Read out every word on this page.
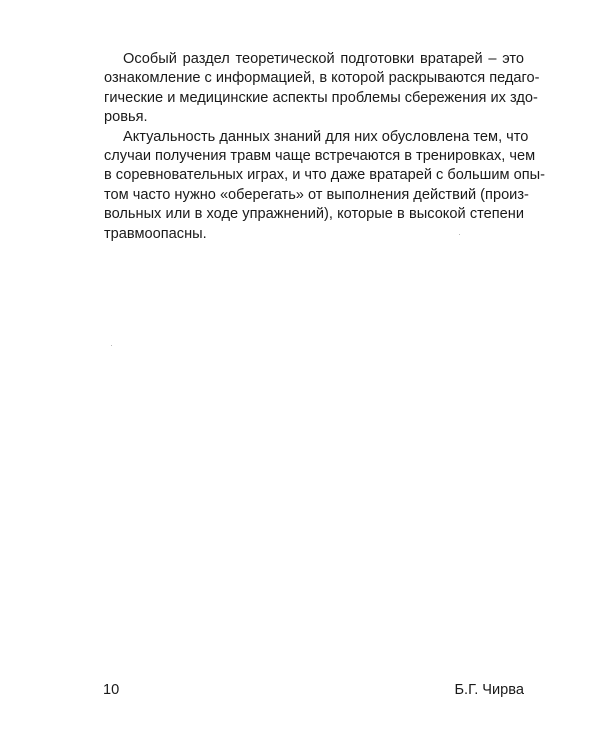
Особый раздел теоретической подготовки вратарей – это
ознакомление с информацией, в которой раскрываются педаго-
гические и медицинские аспекты проблемы сбережения их здо-
ровья.
Актуальность данных знаний для них обусловлена тем, что
случаи получения травм чаще встречаются в тренировках, чем
в соревновательных играх, и что даже вратарей с большим опы-
том часто нужно «оберегать» от выполнения действий (произ-
вольных или в ходе упражнений), которые в высокой степени
травмоопасны.
10	Б.Г. Чирва
